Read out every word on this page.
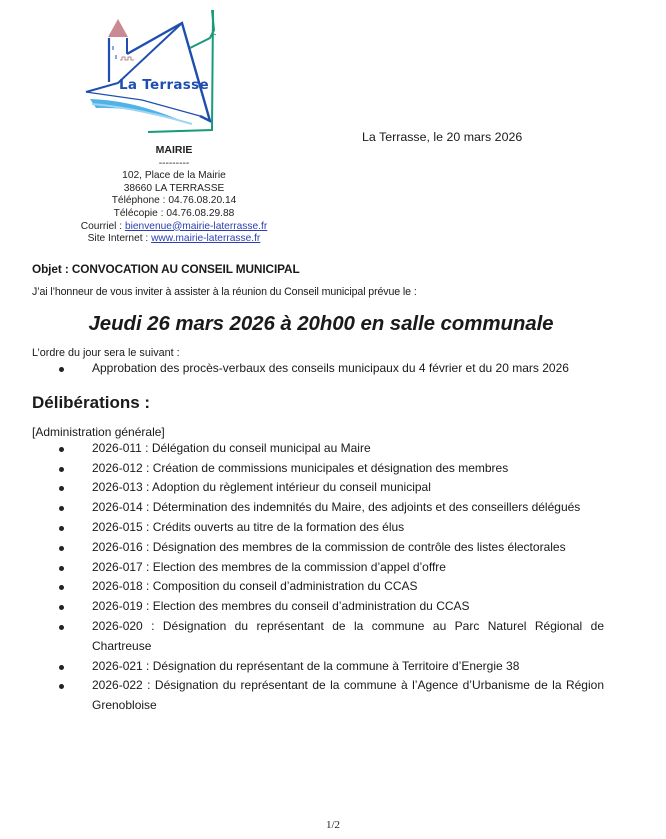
La Terrasse
MAIRIE
---------
102, Place de la Mairie
38660 LA TERRASSE
Téléphone : 04.76.08.20.14
Télécopie : 04.76.08.29.88
Courriel : bienvenue@mairie-laterrasse.fr
Site Internet : www.mairie-laterrasse.fr
La Terrasse, le 20 mars 2026
Objet : CONVOCATION AU CONSEIL MUNICIPAL
J’ai l’honneur de vous inviter à assister à la réunion du Conseil municipal prévue le :
Jeudi 26 mars 2026 à 20h00 en salle communale
L’ordre du jour sera le suivant :
Approbation des procès-verbaux des conseils municipaux du 4 février et du 20 mars 2026
Délibérations :
[Administration générale]
2026-011 : Délégation du conseil municipal au Maire
2026-012 : Création de commissions municipales et désignation des membres
2026-013 : Adoption du règlement intérieur du conseil municipal
2026-014 : Détermination des indemnités du Maire, des adjoints et des conseillers délégués
2026-015 : Crédits ouverts au titre de la formation des élus
2026-016 : Désignation des membres de la commission de contrôle des listes électorales
2026-017 : Election des membres de la commission d’appel d’offre
2026-018 : Composition du conseil d’administration du CCAS
2026-019 : Election des membres du conseil d’administration du CCAS
2026-020 : Désignation du représentant de la commune au Parc Naturel Régional de Chartreuse
2026-021 : Désignation du représentant de la commune à Territoire d’Energie 38
2026-022 : Désignation du représentant de la commune à l’Agence d’Urbanisme de la Région Grenobloise
1/2
